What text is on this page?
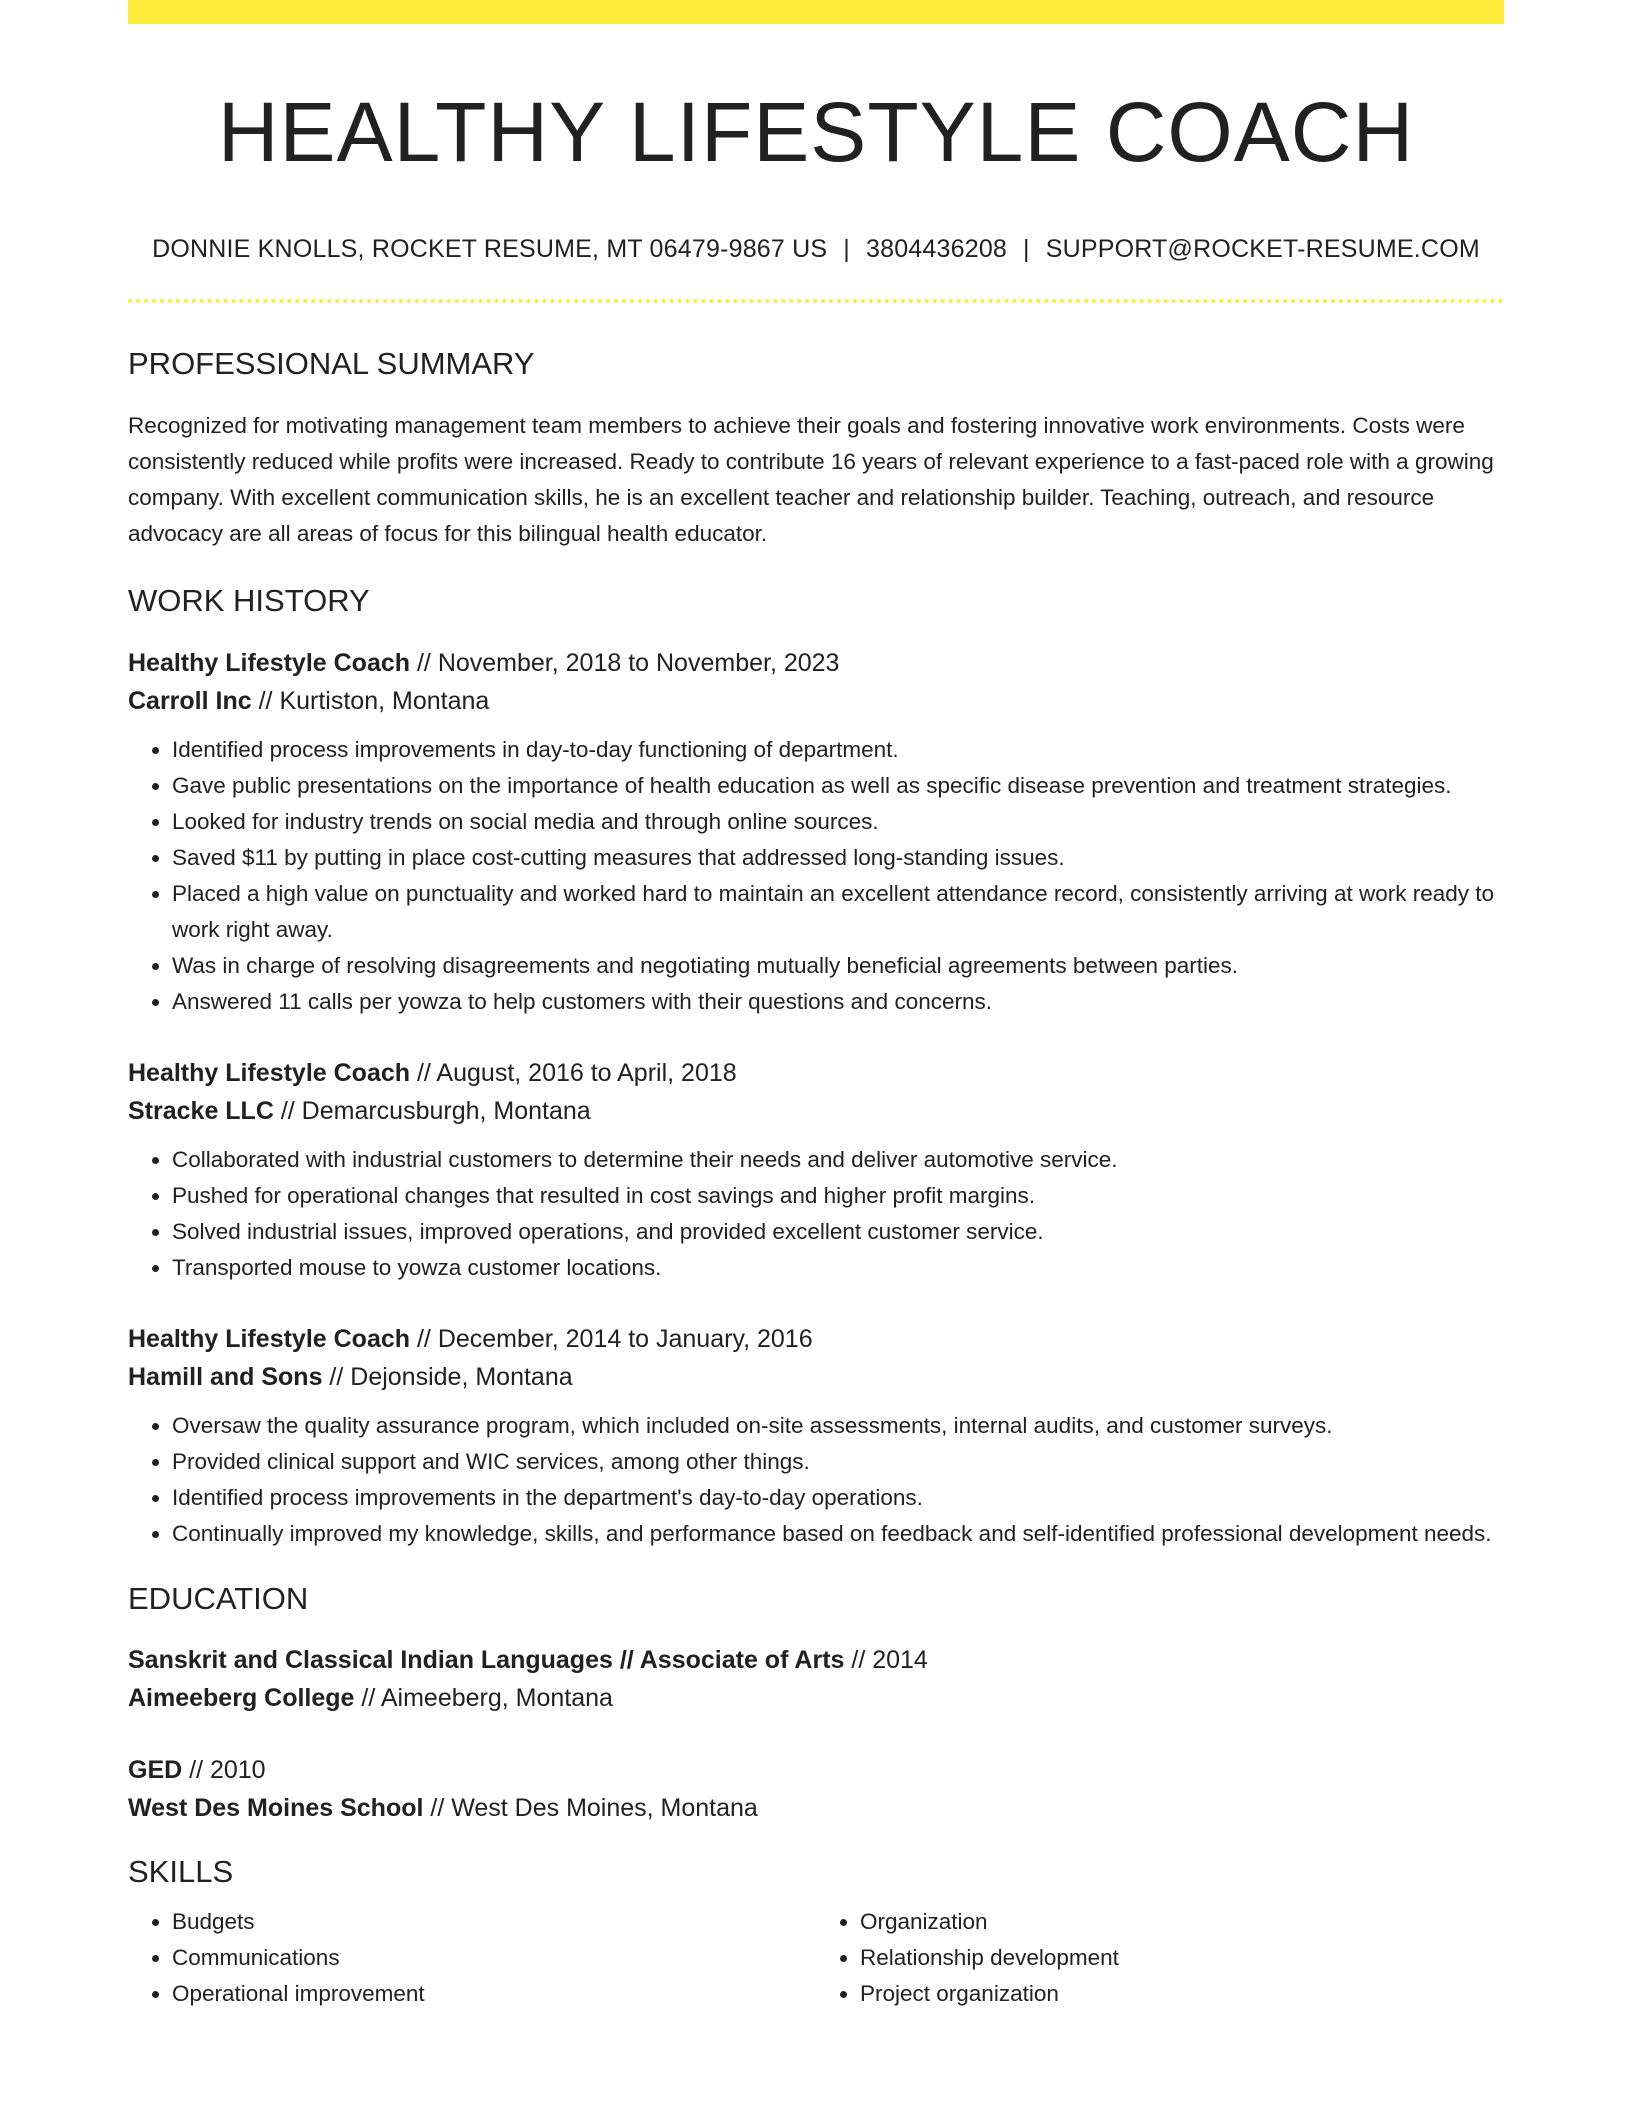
HEALTHY LIFESTYLE COACH
DONNIE KNOLLS, ROCKET RESUME, MT 06479-9867 US | 3804436208 | SUPPORT@ROCKET-RESUME.COM
PROFESSIONAL SUMMARY

Recognized for motivating management team members to achieve their goals and fostering innovative work environments. Costs were consistently reduced while profits were increased. Ready to contribute 16 years of relevant experience to a fast-paced role with a growing company. With excellent communication skills, he is an excellent teacher and relationship builder. Teaching, outreach, and resource advocacy are all areas of focus for this bilingual health educator.

WORK HISTORY
Healthy Lifestyle Coach // November, 2018 to November, 2023
Carroll Inc // Kurtiston, Montana
• Identified process improvements in day-to-day functioning of department.
• Gave public presentations on the importance of health education as well as specific disease prevention and treatment strategies.
• Looked for industry trends on social media and through online sources.
• Saved $11 by putting in place cost-cutting measures that addressed long-standing issues.
• Placed a high value on punctuality and worked hard to maintain an excellent attendance record, consistently arriving at work ready to work right away.
• Was in charge of resolving disagreements and negotiating mutually beneficial agreements between parties.
• Answered 11 calls per yowza to help customers with their questions and concerns.
Healthy Lifestyle Coach // August, 2016 to April, 2018
Stracke LLC // Demarcusburgh, Montana
• Collaborated with industrial customers to determine their needs and deliver automotive service.
• Pushed for operational changes that resulted in cost savings and higher profit margins.
• Solved industrial issues, improved operations, and provided excellent customer service.
• Transported mouse to yowza customer locations.
Healthy Lifestyle Coach // December, 2014 to January, 2016
Hamill and Sons // Dejonside, Montana
• Oversaw the quality assurance program, which included on-site assessments, internal audits, and customer surveys.
• Provided clinical support and WIC services, among other things.
• Identified process improvements in the department's day-to-day operations.
• Continually improved my knowledge, skills, and performance based on feedback and self-identified professional development needs.
EDUCATION
Sanskrit and Classical Indian Languages // Associate of Arts // 2014
Aimeeberg College // Aimeeberg, Montana
GED // 2010
West Des Moines School // West Des Moines, Montana
SKILLS
• Budgets
• Communications
• Operational improvement
• Organization
• Relationship development
• Project organization
